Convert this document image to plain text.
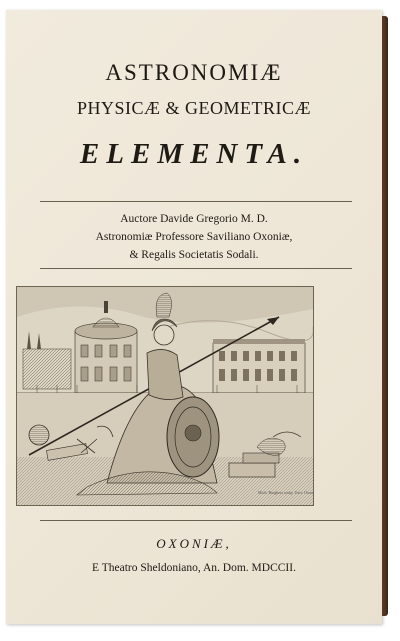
ASTRONOMIÆ
PHYSICÆ & GEOMETRICÆ
ELEMENTA.
Auctore Davide Gregorio M. D.
Astronomiæ Professore Saviliano Oxoniæ,
& Regalis Societatis Sodali.
Mich. Burghers sculp. Univ. Oxon.
OXONIÆ,
E Theatro Sheldoniano, An. Dom. MDCCII.
